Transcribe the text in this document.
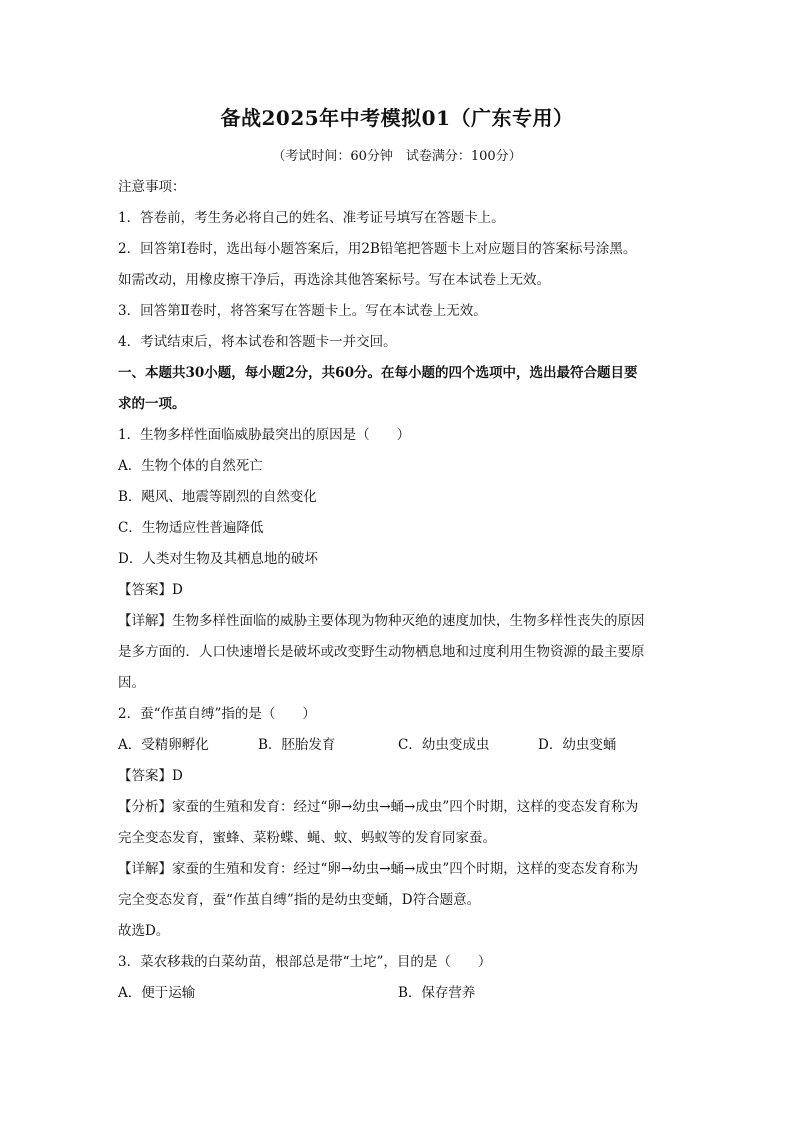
备战2025年中考模拟01（广东专用）
（考试时间：60分钟　试卷满分：100分）
注意事项：
1．答卷前，考生务必将自己的姓名、准考证号填写在答题卡上。
2．回答第Ⅰ卷时，选出每小题答案后，用2B铅笔把答题卡上对应题目的答案标号涂黑。
如需改动，用橡皮擦干净后，再选涂其他答案标号。写在本试卷上无效。
3．回答第Ⅱ卷时，将答案写在答题卡上。写在本试卷上无效。
4．考试结束后，将本试卷和答题卡一并交回。
一、本题共30小题，每小题2分，共60分。在每小题的四个选项中，选出最符合题目要
求的一项。
1．生物多样性面临威胁最突出的原因是（　　）
A．生物个体的自然死亡
B．飓风、地震等剧烈的自然变化
C．生物适应性普遍降低
D．人类对生物及其栖息地的破坏
【答案】D
【详解】生物多样性面临的威胁主要体现为物种灭绝的速度加快，生物多样性丧失的原因
是多方面的．人口快速增长是破坏或改变野生动物栖息地和过度利用生物资源的最主要原
因。
2．蚕“作茧自缚”指的是（　　）
A．受精卵孵化	B．胚胎发育	C．幼虫变成虫	D．幼虫变蛹
【答案】D
【分析】家蚕的生殖和发育：经过“卵→幼虫→蛹→成虫”四个时期，这样的变态发育称为
完全变态发育，蜜蜂、菜粉蝶、蝇、蚊、蚂蚁等的发育同家蚕。
【详解】家蚕的生殖和发育：经过“卵→幼虫→蛹→成虫”四个时期，这样的变态发育称为
完全变态发育，蚕“作茧自缚”指的是幼虫变蛹，D符合题意。
故选D。
3．菜农移栽的白菜幼苗，根部总是带“土坨”，目的是（　　）
A．便于运输	B．保存营养
